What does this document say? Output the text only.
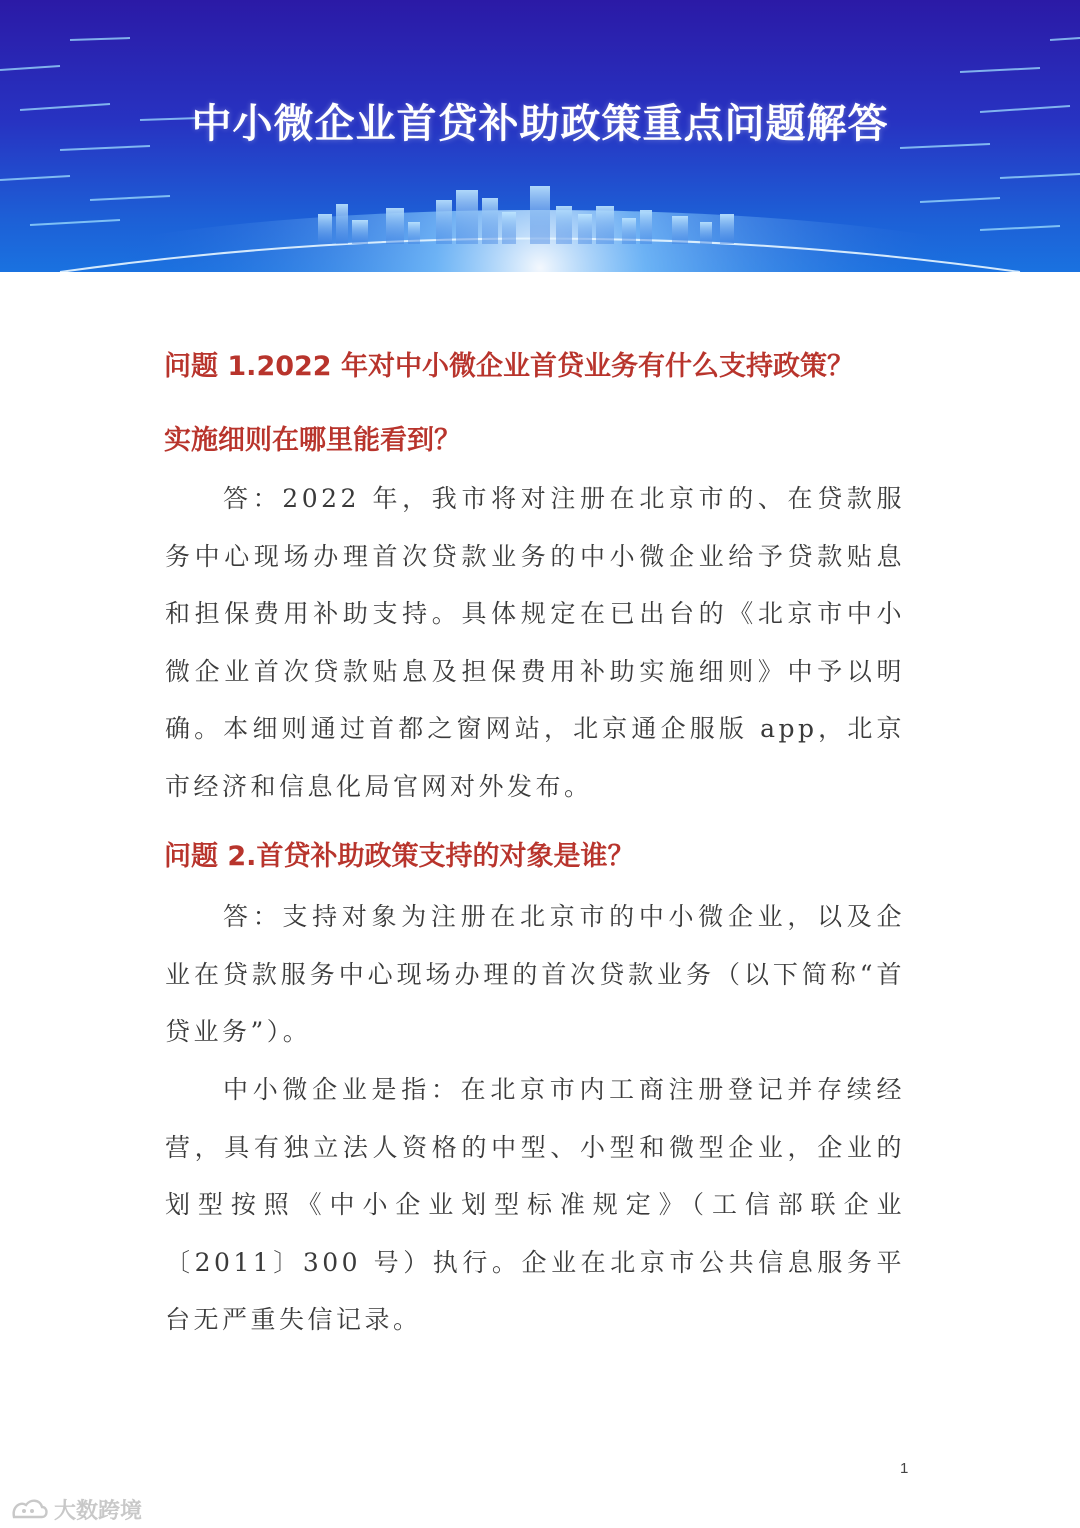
中小微企业首贷补助政策重点问题解答
问题 1.2022 年对中小微企业首贷业务有什么支持政策？
实施细则在哪里能看到？

答：2022 年，我市将对注册在北京市的、在贷款服务中心现场办理首次贷款业务的中小微企业给予贷款贴息和担保费用补助支持。具体规定在已出台的《北京市中小微企业首次贷款贴息及担保费用补助实施细则》中予以明确。本细则通过首都之窗网站，北京通企服版 app，北京市经济和信息化局官网对外发布。

问题 2.首贷补助政策支持的对象是谁？

答：支持对象为注册在北京市的中小微企业，以及企业在贷款服务中心现场办理的首次贷款业务（以下简称“首贷业务”）。

中小微企业是指：在北京市内工商注册登记并存续经营，具有独立法人资格的中型、小型和微型企业，企业的划型按照《中小企业划型标准规定》（工信部联企业〔2011〕300 号）执行。企业在北京市公共信息服务平台无严重失信记录。

1
大数跨境
